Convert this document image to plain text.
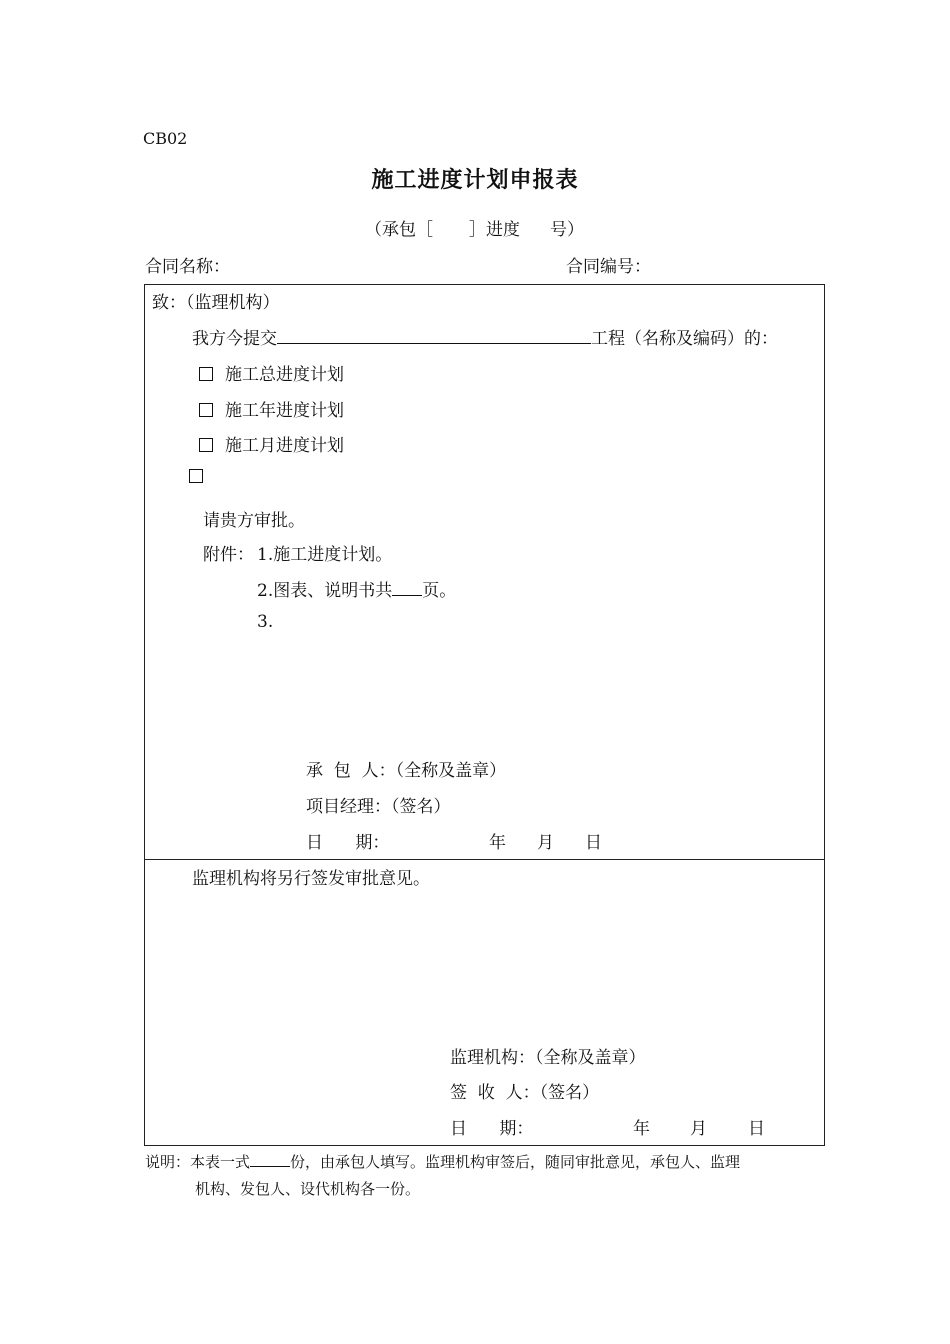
CB02
施工进度计划申报表
（承包［ ］进度 号）
合同名称：	合同编号：
致：（监理机构）
我方今提交	工程（名称及编码）的：
施工总进度计划
施工年进度计划
施工月进度计划
请贵方审批。
附件： 1.施工进度计划。
2.图表、说明书共 页。
3.
承  包  人：（全称及盖章）
项目经理：（签名）
日      期：	年 月 日
监理机构将另行签发审批意见。
监理机构：（全称及盖章）
签  收  人：（签名）
日      期：	年 月 日
说明：本表一式	份，由承包人填写。监理机构审签后，随同审批意见，承包人、监理
机构、发包人、设代机构各一份。
